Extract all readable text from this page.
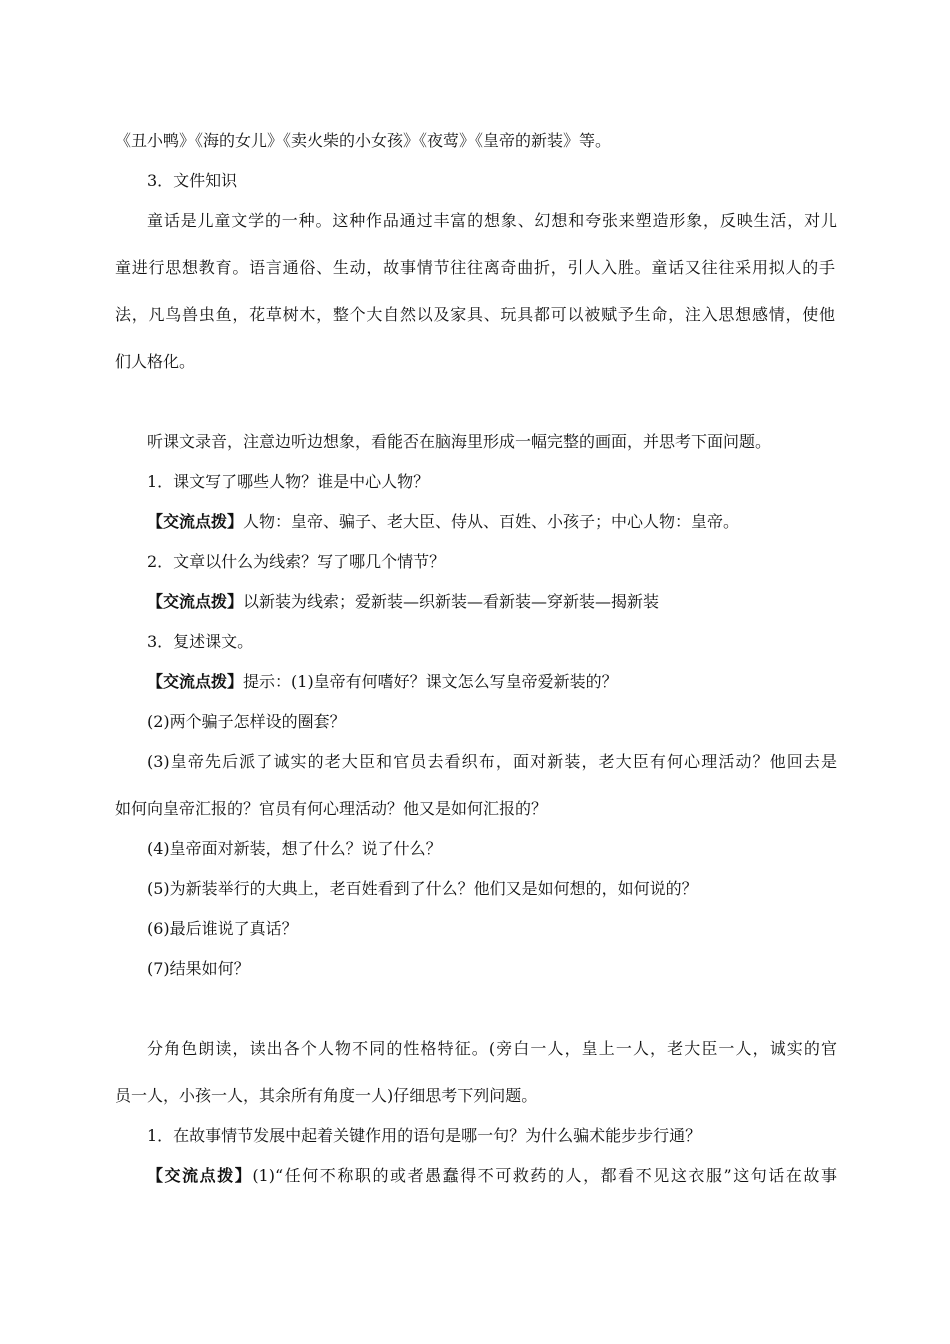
《丑小鸭》《海的女儿》《卖火柴的小女孩》《夜莺》《皇帝的新装》等。

3．文件知识

童话是儿童文学的一种。这种作品通过丰富的想象、幻想和夸张来塑造形象，反映生活，对儿

童进行思想教育。语言通俗、生动，故事情节往往离奇曲折，引人入胜。童话又往往采用拟人的手

法，凡鸟兽虫鱼，花草树木，整个大自然以及家具、玩具都可以被赋予生命，注入思想感情，使他

们人格化。

听课文录音，注意边听边想象，看能否在脑海里形成一幅完整的画面，并思考下面问题。

1．课文写了哪些人物？谁是中心人物？

【交流点拨】人物：皇帝、骗子、老大臣、侍从、百姓、小孩子；中心人物：皇帝。

2．文章以什么为线索？写了哪几个情节？

【交流点拨】以新装为线索；爱新装—织新装—看新装—穿新装—揭新装

3．复述课文。

【交流点拨】提示：(1)皇帝有何嗜好？课文怎么写皇帝爱新装的？

(2)两个骗子怎样设的圈套？

(3)皇帝先后派了诚实的老大臣和官员去看织布，面对新装，老大臣有何心理活动？他回去是

如何向皇帝汇报的？官员有何心理活动？他又是如何汇报的？

(4)皇帝面对新装，想了什么？说了什么？

(5)为新装举行的大典上，老百姓看到了什么？他们又是如何想的，如何说的？

(6)最后谁说了真话？

(7)结果如何？

分角色朗读，读出各个人物不同的性格特征。(旁白一人，皇上一人，老大臣一人，诚实的官

员一人，小孩一人，其余所有角度一人)仔细思考下列问题。

1．在故事情节发展中起着关键作用的语句是哪一句？为什么骗术能步步行通？

【交流点拨】(1)“任何不称职的或者愚蠢得不可救药的人，都看不见这衣服”这句话在故事
